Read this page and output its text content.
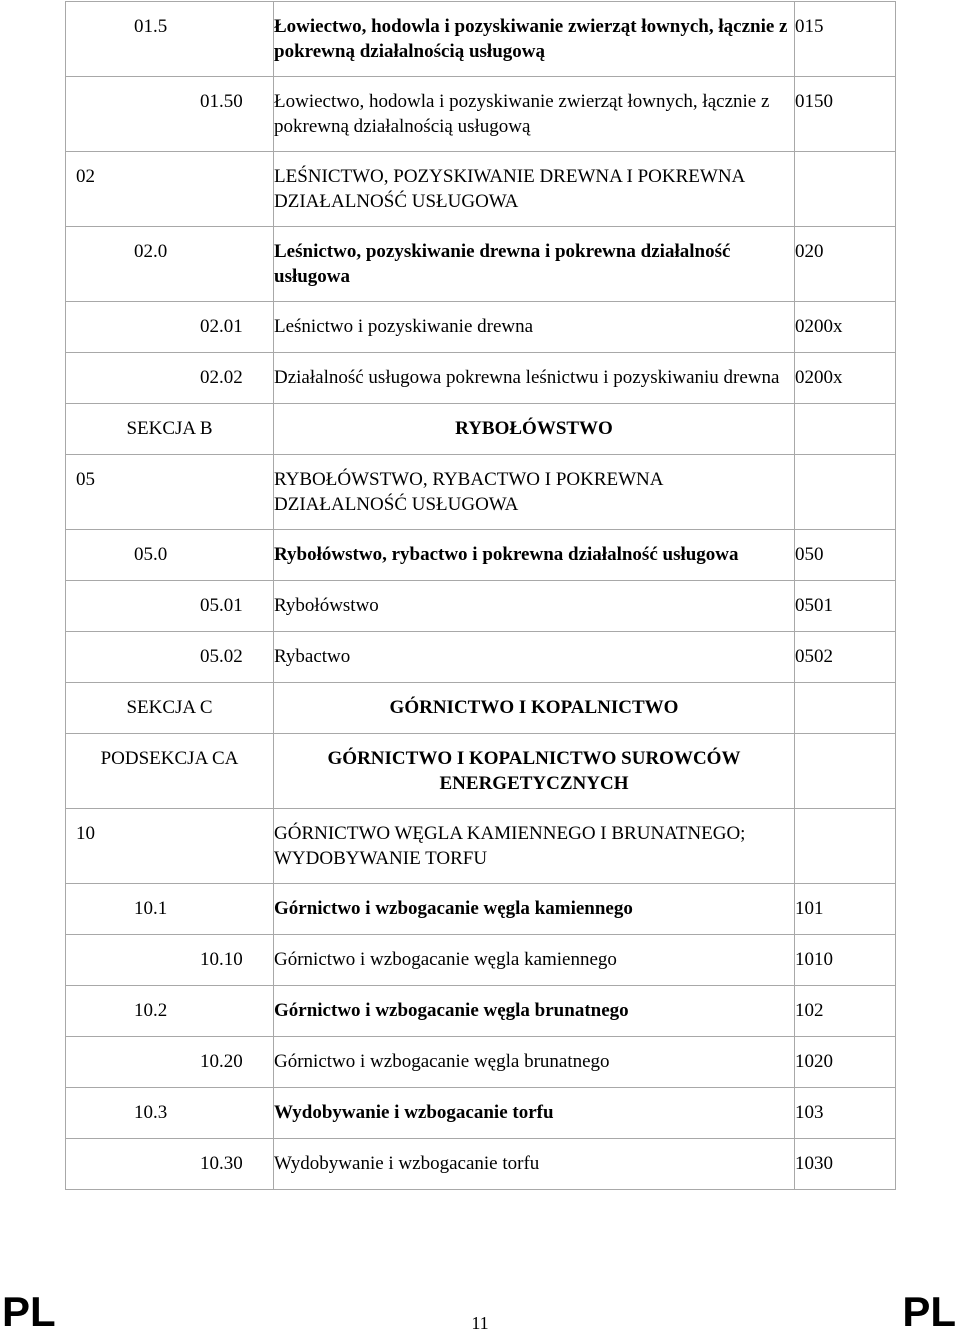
01.5	Łowiectwo, hodowla i pozyskiwanie zwierząt łownych, łącznie z pokrewną działalnością usługową	015

01.50	Łowiectwo, hodowla i pozyskiwanie zwierząt łownych, łącznie z pokrewną działalnością usługową	0150

02	LEŚNICTWO, POZYSKIWANIE DREWNA I POKREWNA DZIAŁALNOŚĆ USŁUGOWA	

02.0	Leśnictwo, pozyskiwanie drewna i pokrewna działalność usługowa	020

02.01	Leśnictwo i pozyskiwanie drewna	0200x

02.02	Działalność usługowa pokrewna leśnictwu i pozyskiwaniu drewna	0200x
SEKCJA B	RYBOŁÓWSTWO	

05	RYBOŁÓWSTWO, RYBACTWO I POKREWNA DZIAŁALNOŚĆ USŁUGOWA	

05.0	Rybołówstwo, rybactwo i pokrewna działalność usługowa	050

05.01	Rybołówstwo	0501

05.02	Rybactwo	0502
SEKCJA C	GÓRNICTWO I KOPALNICTWO	
PODSEKCJA CA	GÓRNICTWO I KOPALNICTWO SUROWCÓW ENERGETYCZNYCH	

10	GÓRNICTWO WĘGLA KAMIENNEGO I BRUNATNEGO; WYDOBYWANIE TORFU	

10.1	Górnictwo i wzbogacanie węgla kamiennego	101

10.10	Górnictwo i wzbogacanie węgla kamiennego	1010

10.2	Górnictwo i wzbogacanie węgla brunatnego	102

10.20	Górnictwo i wzbogacanie węgla brunatnego	1020

10.3	Wydobywanie i wzbogacanie torfu	103

10.30	Wydobywanie i wzbogacanie torfu	1030
PL	11	PL
